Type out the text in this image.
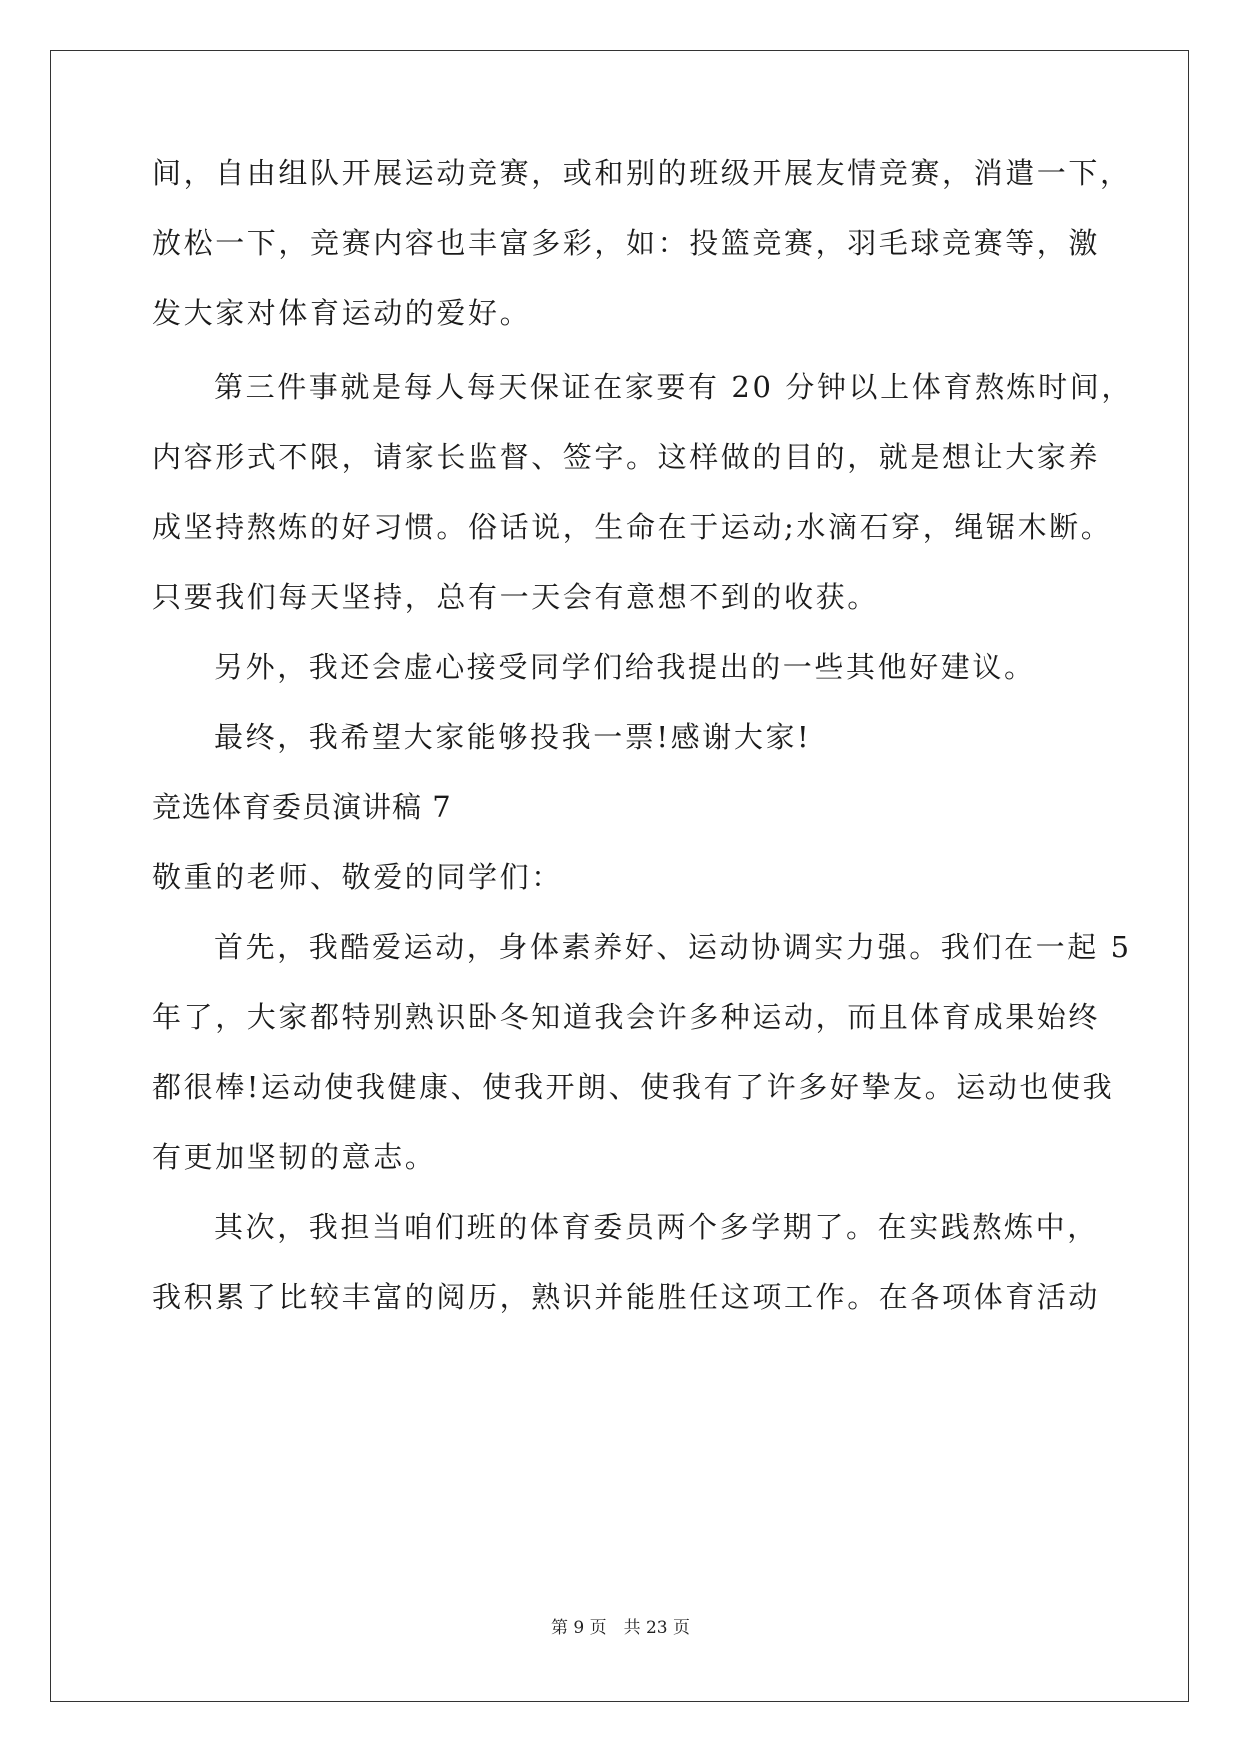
间，自由组队开展运动竞赛，或和别的班级开展友情竞赛，消遣一下，
放松一下，竞赛内容也丰富多彩，如：投篮竞赛，羽毛球竞赛等，激
发大家对体育运动的爱好。
第三件事就是每人每天保证在家要有 20 分钟以上体育熬炼时间，
内容形式不限，请家长监督、签字。这样做的目的，就是想让大家养
成坚持熬炼的好习惯。俗话说，生命在于运动;水滴石穿，绳锯木断。
只要我们每天坚持，总有一天会有意想不到的收获。
另外，我还会虚心接受同学们给我提出的一些其他好建议。
最终，我希望大家能够投我一票!感谢大家!
竞选体育委员演讲稿 7
敬重的老师、敬爱的同学们：
首先，我酷爱运动，身体素养好、运动协调实力强。我们在一起 5
年了，大家都特别熟识卧冬知道我会许多种运动，而且体育成果始终
都很棒!运动使我健康、使我开朗、使我有了许多好挚友。运动也使我
有更加坚韧的意志。
其次，我担当咱们班的体育委员两个多学期了。在实践熬炼中，
我积累了比较丰富的阅历，熟识并能胜任这项工作。在各项体育活动
第 9 页　共 23 页
